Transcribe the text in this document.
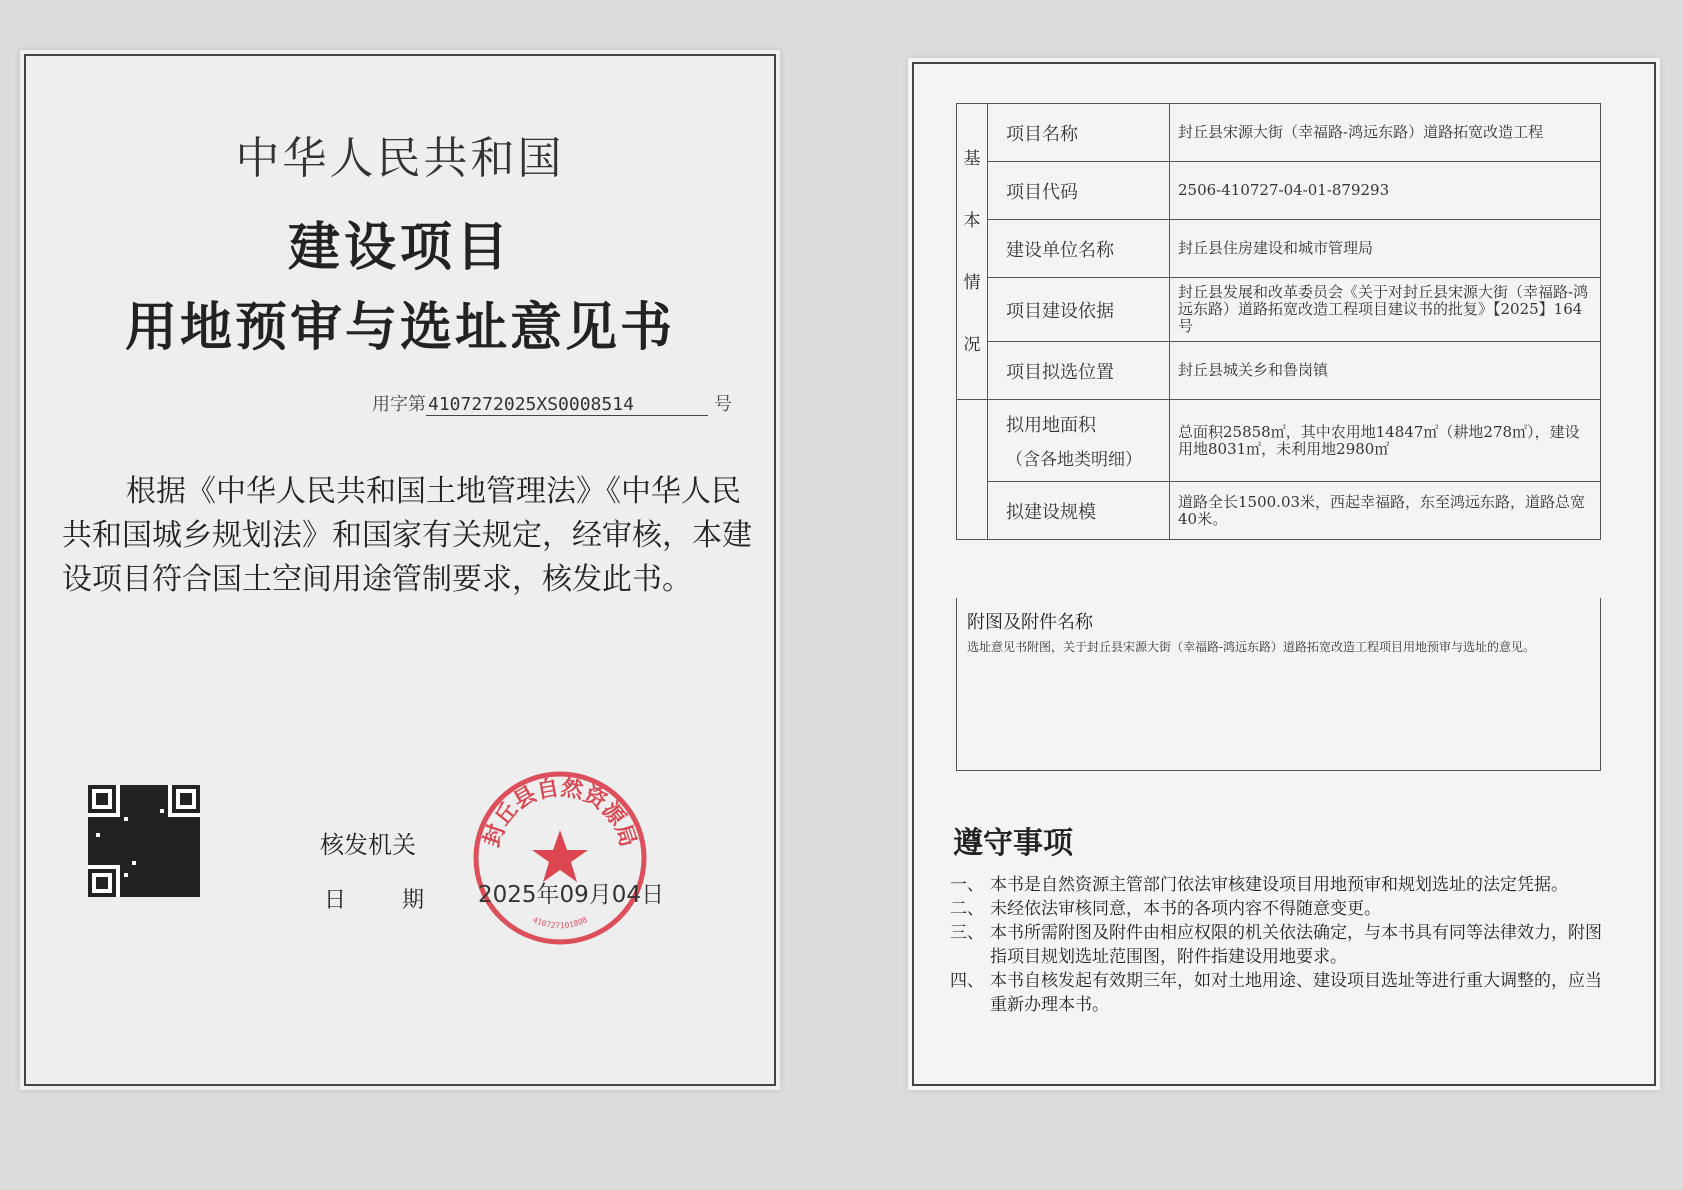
中华人民共和国
建设项目
用地预审与选址意见书
用字第 410727202​5XS0008514	号
根据《中华人民共和国土地管理法》《中华人民共和国城乡规划法》和国家有关规定，经审核，本建设项目符合国土空间用途管制要求，核发此书。
核发机关
日期
封丘县自然资源局
410727101808
2025年09月04日
基
本
情
况	项目名称	封丘县宋源大街（幸福路-鸿远东路）道路拓宽改造工程

	项目代码	2506-410727-04-01-879293

	建设单位名称	封丘县住房建设和城市管理局

	项目建设依据	封丘县发展和改革委员会《关于对封丘县宋源大街（幸福路-鸿远东路）道路拓宽改造工程项目建议书的批复》【2025】164号

	项目拟选位置	封丘县城关乡和鲁岗镇

	拟用地面积
（含各地类明细）	总面积25858㎡，其中农用地14847㎡（耕地278㎡），建设用地8031㎡，未利用地2980㎡

	拟建设规模	道路全长1500.03米，西起幸福路，东至鸿远东路，道路总宽40米。
附图及附件名称
选址意见书附图，关于封丘县宋源大街（幸福路-鸿远东路）道路拓宽改造工程项目用地预审与选址的意见。
遵守事项
一、 本书是自然资源主管部门依法审核建设项目用地预审和规划选址的法定凭据。
二、 未经依法审核同意，本书的各项内容不得随意变更。
三、 本书所需附图及附件由相应权限的机关依法确定，与本书具有同等法律效力，附图指项目规划选址范围图，附件指建设用地要求。
四、 本书自核发起有效期三年，如对土地用途、建设项目选址等进行重大调整的，应当重新办理本书。
